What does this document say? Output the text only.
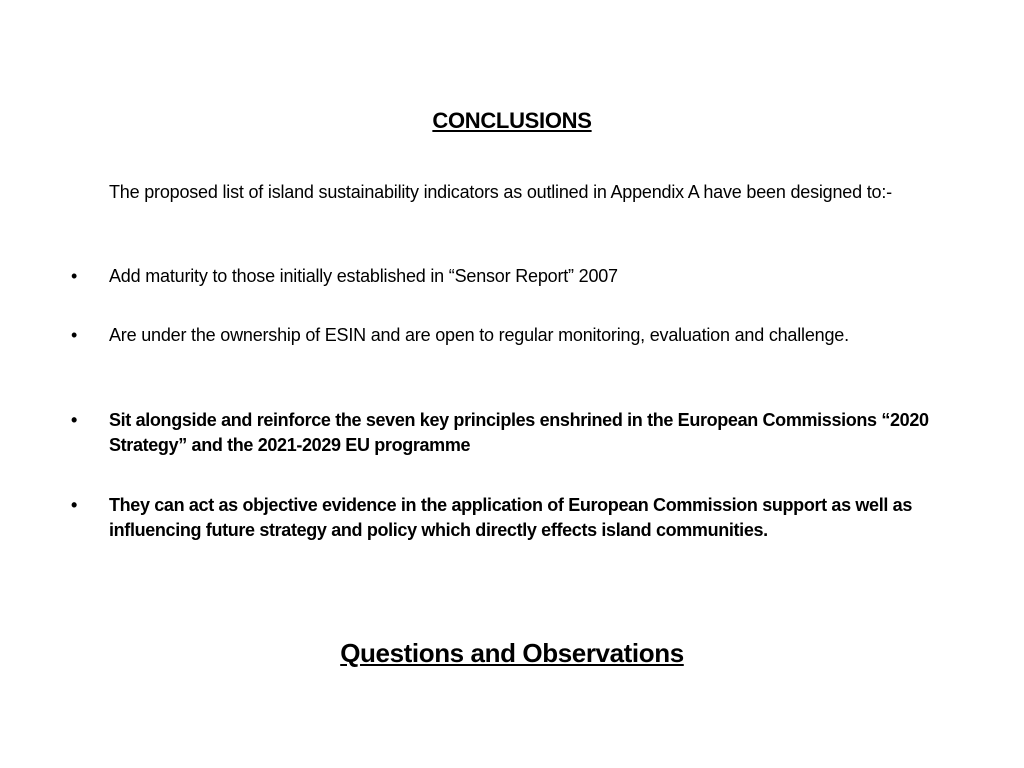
CONCLUSIONS
The proposed list of island sustainability indicators as outlined in Appendix A have been designed to:-
•	Add maturity to those initially established in “Sensor Report” 2007
•	Are under the ownership of ESIN and are open to regular monitoring, evaluation and challenge.
•	Sit alongside and reinforce the seven key principles enshrined in the European Commissions “2020 Strategy” and the 2021-2029 EU programme
•	They can act as objective evidence in the application of European Commission support as well as influencing future strategy and policy which directly effects island communities.
Questions and Observations
